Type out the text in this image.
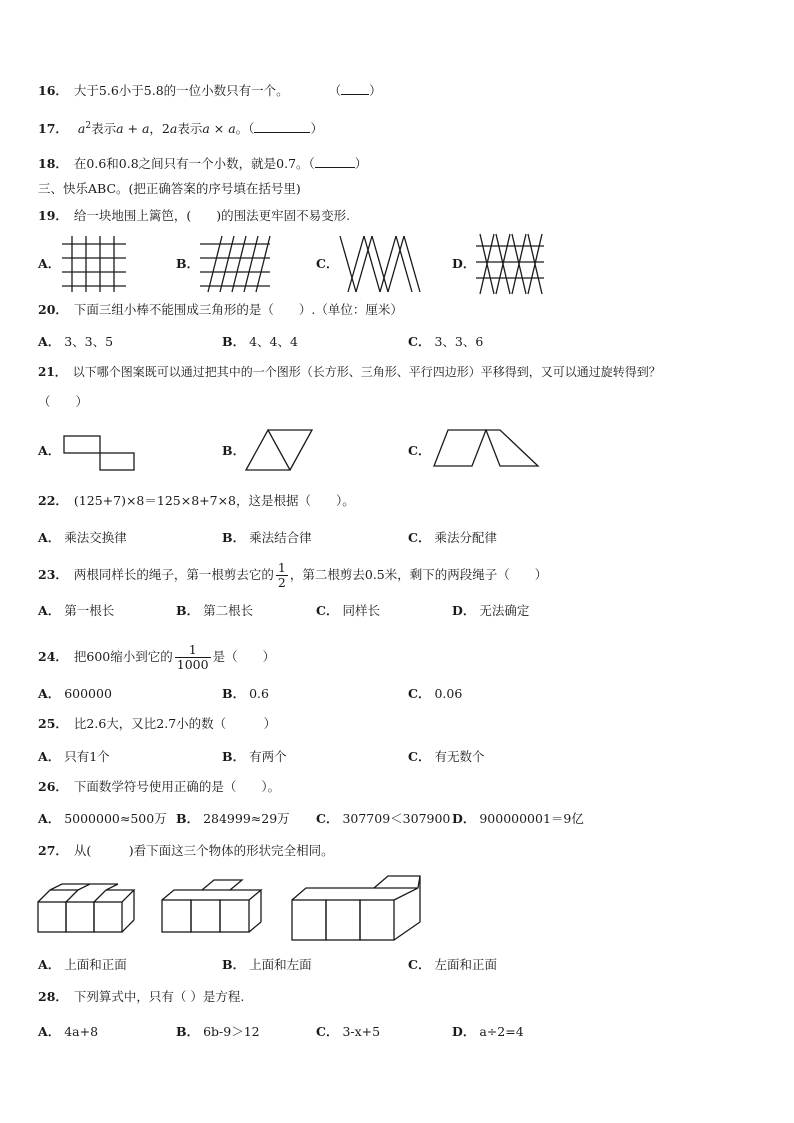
16． 大于5.6小于5.8的一位小数只有一个。	（ ）
17． $a^2$表示a + a，2a表示a × a。（	）
18． 在0.6和0.8之间只有一个小数，就是0.7。（	）
三、快乐ABC。(把正确答案的序号填在括号里)
19． 给一块地围上篱笆，(　　)的围法更牢固不易变形.
A．	B．	C．	D．
20． 下面三组小棒不能围成三角形的是（　　）.（单位：厘米）
A． 3、3、5	B． 4、4、4	C． 3、3、6
21． 以下哪个图案既可以通过把其中的一个图形（长方形、三角形、平行四边形）平移得到，又可以通过旋转得到？
（　　）
A．	B．	C．
22． (125+7)×8＝125×8+7×8，这是根据（　　）。
A． 乘法交换律	B． 乘法结合律	C． 乘法分配律
23． 两根同样长的绳子，第一根剪去它的 $\frac{1}{2}$ ，第二根剪去0.5米，剩下的两段绳子（　　）
A． 第一根长	B． 第二根长	C． 同样长	D． 无法确定
24． 把600缩小到它的 $\frac{1}{1000}$ 是（　　）
A． 600000	B． 0.6	C． 0.06
25． 比2.6大，又比2.7小的数（　　　）
A． 只有1个	B． 有两个	C． 有无数个
26． 下面数学符号使用正确的是（　　）。
A． 5000000≈500万 B． 284999≈29万 C． 307709＜307900 D． 900000001＝9亿
27． 从(　　　)看下面这三个物体的形状完全相同。
A． 上面和正面	B． 上面和左面	C． 左面和正面
28． 下列算式中，只有（ ）是方程.
A． 4a+8	B． 6b-9＞12	C． 3-x+5	D． a÷2=4
